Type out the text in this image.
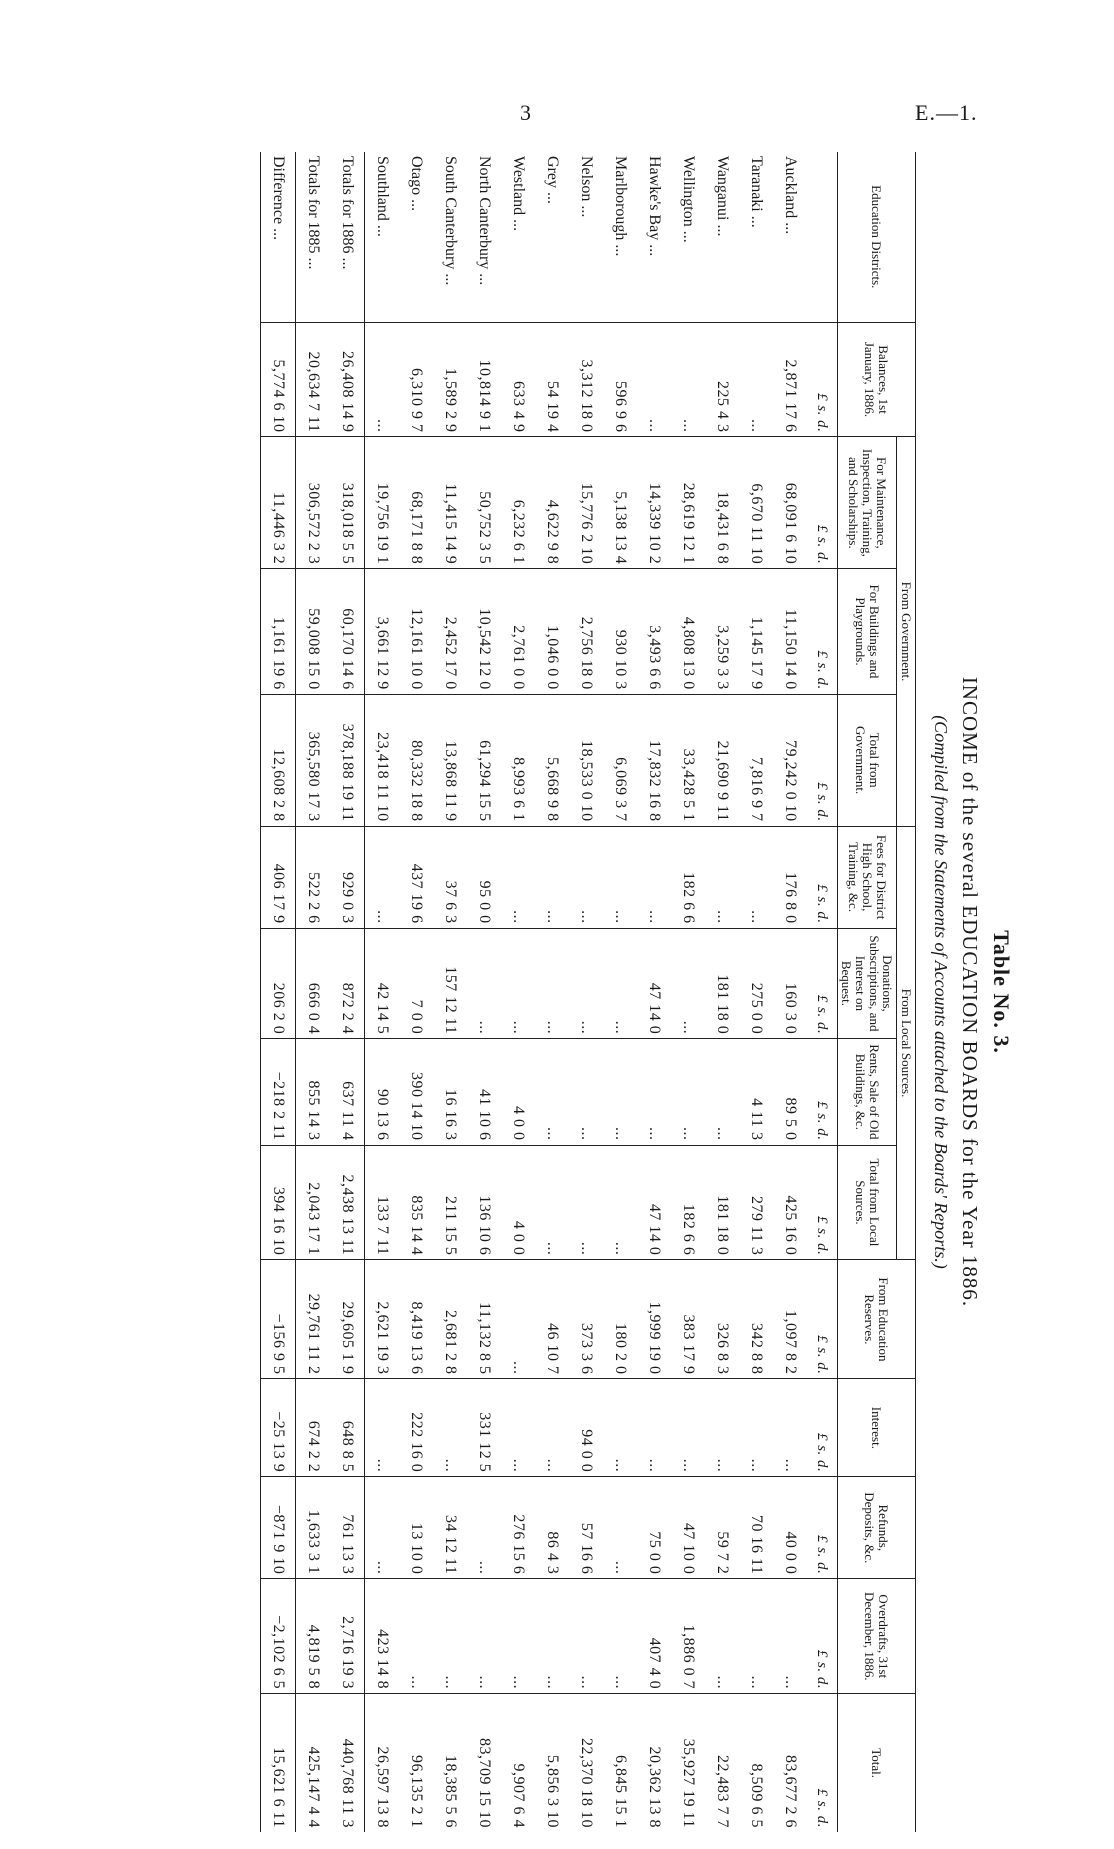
3	E.—1.
Table No. 3.
INCOME of the several EDUCATION BOARDS for the Year 1886.
(Compiled from the Statements of Accounts attached to the Boards' Reports.)
Education Districts.	Balances, 1st January, 1886.	From Government.			From Local Sources.				From Education Reserves.	Interest.	Refunds, Deposits, &c.	Overdrafts, 31st December, 1886.	Total.
		For Maintenance, Inspection, Training, and Scholarships.	For Buildings and Playgrounds.	Total from Government.	Fees for District High School, Training, &c.	Donations, Subscriptions, and Interest on Bequest.	Rents, Sale of Old Buildings, &c.	Total from Local Sources.					
	£ s. d.	£ s. d.	£ s. d.	£ s. d.	£ s. d.	£ s. d.	£ s. d.	£ s. d.	£ s. d.	£ s. d.	£ s. d.	£ s. d.	£ s. d.
Auckland ...	2,871 17 6	68,091 6 10	11,150 14 0	79,242 0 10	176 8 0	160 3 0	89 5 0	425 16 0	1,097 8 2	...	40 0 0	...	83,677 2 6
Taranaki ...	...	6,670 11 10	1,145 17 9	7,816 9 7	...	275 0 0	4 11 3	279 11 3	342 8 8	...	70 16 11	...	8,509 6 5
Wanganui ...	225 4 3	18,431 6 8	3,259 3 3	21,690 9 11	...	181 18 0	...	181 18 0	326 8 3	...	59 7 2	...	22,483 7 7
Wellington ...	...	28,619 12 1	4,808 13 0	33,428 5 1	182 6 6	...	...	182 6 6	383 17 9	...	47 10 0	1,886 0 7	35,927 19 11
Hawke's Bay ...	...	14,339 10 2	3,493 6 6	17,832 16 8	...	47 14 0	...	47 14 0	1,999 19 0	...	75 0 0	407 4 0	20,362 13 8
Marlborough ...	596 9 6	5,138 13 4	930 10 3	6,069 3 7	...	...	...	...	180 2 0	...	...	...	6,845 15 1
Nelson ...	3,312 18 0	15,776 2 10	2,756 18 0	18,533 0 10	...	...	...	...	373 3 6	94 0 0	57 16 6	...	22,370 18 10
Grey ...	54 19 4	4,622 9 8	1,046 0 0	5,668 9 8	...	...	...	...	46 10 7	...	86 4 3	...	5,856 3 10
Westland ...	633 4 9	6,232 6 1	2,761 0 0	8,993 6 1	...	...	4 0 0	4 0 0	...	...	276 15 6	...	9,907 6 4
North Canterbury ...	10,814 9 1	50,752 3 5	10,542 12 0	61,294 15 5	95 0 0	...	41 10 6	136 10 6	11,132 8 5	331 12 5	...	...	83,709 15 10
South Canterbury ...	1,589 2 9	11,415 14 9	2,452 17 0	13,868 11 9	37 6 3	157 12 11	16 16 3	211 15 5	2,681 2 8	...	34 12 11	...	18,385 5 6
Otago ...	6,310 9 7	68,171 8 8	12,161 10 0	80,332 18 8	437 19 6	7 0 0	390 14 10	835 14 4	8,419 13 6	222 16 0	13 10 0	...	96,135 2 1
Southland ...	...	19,756 19 1	3,661 12 9	23,418 11 10	...	42 14 5	90 13 6	133 7 11	2,621 19 3	...	...	423 14 8	26,597 13 8
Totals for 1886 ...	26,408 14 9	318,018 5 5	60,170 14 6	378,188 19 11	929 0 3	872 2 4	637 11 4	2,438 13 11	29,605 1 9	648 8 5	761 13 3	2,716 19 3	440,768 11 3
Totals for 1885 ...	20,634 7 11	306,572 2 3	59,008 15 0	365,580 17 3	522 2 6	666 0 4	855 14 3	2,043 17 1	29,761 11 2	674 2 2	1,633 3 1	4,819 5 8	425,147 4 4
Difference ...	5,774 6 10	11,446 3 2	1,161 19 6	12,608 2 8	406 17 9	206 2 0	−218 2 11	394 16 10	−156 9 5	−25 13 9	−871 9 10	−2,102 6 5	15,621 6 11
